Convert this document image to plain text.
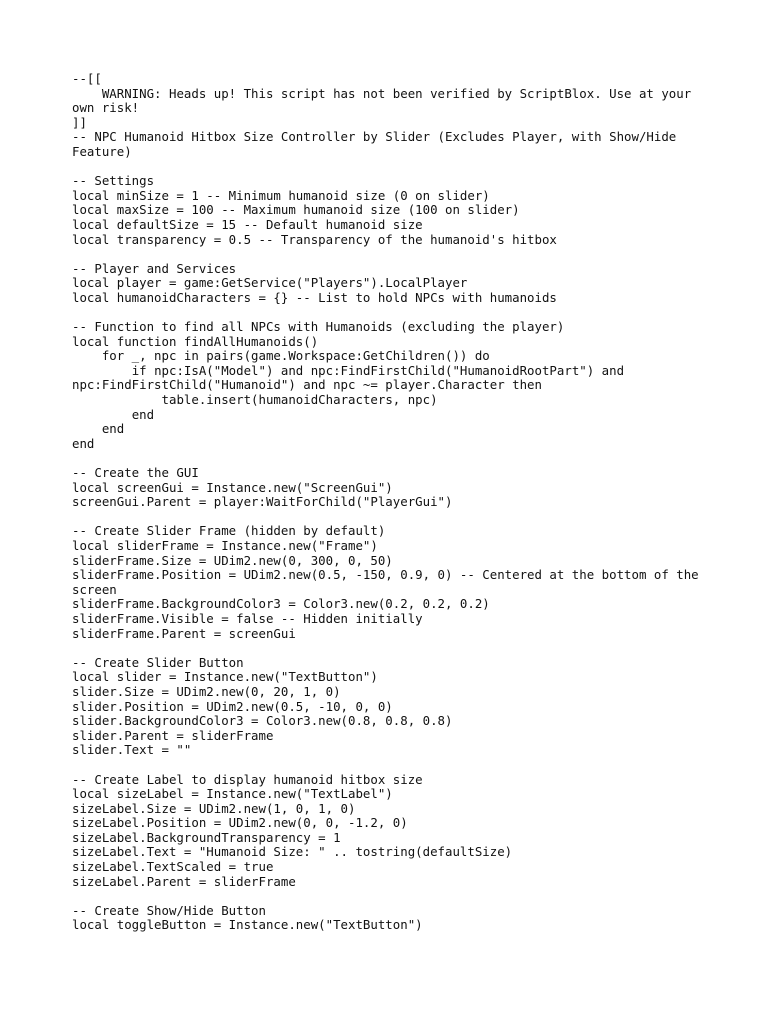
--[[
WARNING: Heads up! This script has not been verified by ScriptBlox. Use at your own risk!
]]
-- NPC Humanoid Hitbox Size Controller by Slider (Excludes Player, with Show/Hide Feature)
-- Settings
local minSize = 1 -- Minimum humanoid size (0 on slider)
local maxSize = 100 -- Maximum humanoid size (100 on slider)
local defaultSize = 15 -- Default humanoid size
local transparency = 0.5 -- Transparency of the humanoid's hitbox
-- Player and Services
local player = game:GetService("Players").LocalPlayer
local humanoidCharacters = {} -- List to hold NPCs with humanoids
-- Function to find all NPCs with Humanoids (excluding the player)
local function findAllHumanoids()
for _, npc in pairs(game.Workspace:GetChildren()) do
if npc:IsA("Model") and npc:FindFirstChild("HumanoidRootPart") and npc:FindFirstChild("Humanoid") and npc ~= player.Character then
table.insert(humanoidCharacters, npc)
end
end
end
-- Create the GUI
local screenGui = Instance.new("ScreenGui")
screenGui.Parent = player:WaitForChild("PlayerGui")
-- Create Slider Frame (hidden by default)
local sliderFrame = Instance.new("Frame")
sliderFrame.Size = UDim2.new(0, 300, 0, 50)
sliderFrame.Position = UDim2.new(0.5, -150, 0.9, 0) -- Centered at the bottom of the screen
sliderFrame.BackgroundColor3 = Color3.new(0.2, 0.2, 0.2)
sliderFrame.Visible = false -- Hidden initially
sliderFrame.Parent = screenGui
-- Create Slider Button
local slider = Instance.new("TextButton")
slider.Size = UDim2.new(0, 20, 1, 0)
slider.Position = UDim2.new(0.5, -10, 0, 0)
slider.BackgroundColor3 = Color3.new(0.8, 0.8, 0.8)
slider.Parent = sliderFrame
slider.Text = ""
-- Create Label to display humanoid hitbox size
local sizeLabel = Instance.new("TextLabel")
sizeLabel.Size = UDim2.new(1, 0, 1, 0)
sizeLabel.Position = UDim2.new(0, 0, -1.2, 0)
sizeLabel.BackgroundTransparency = 1
sizeLabel.Text = "Humanoid Size: " .. tostring(defaultSize)
sizeLabel.TextScaled = true
sizeLabel.Parent = sliderFrame
-- Create Show/Hide Button
local toggleButton = Instance.new("TextButton")
